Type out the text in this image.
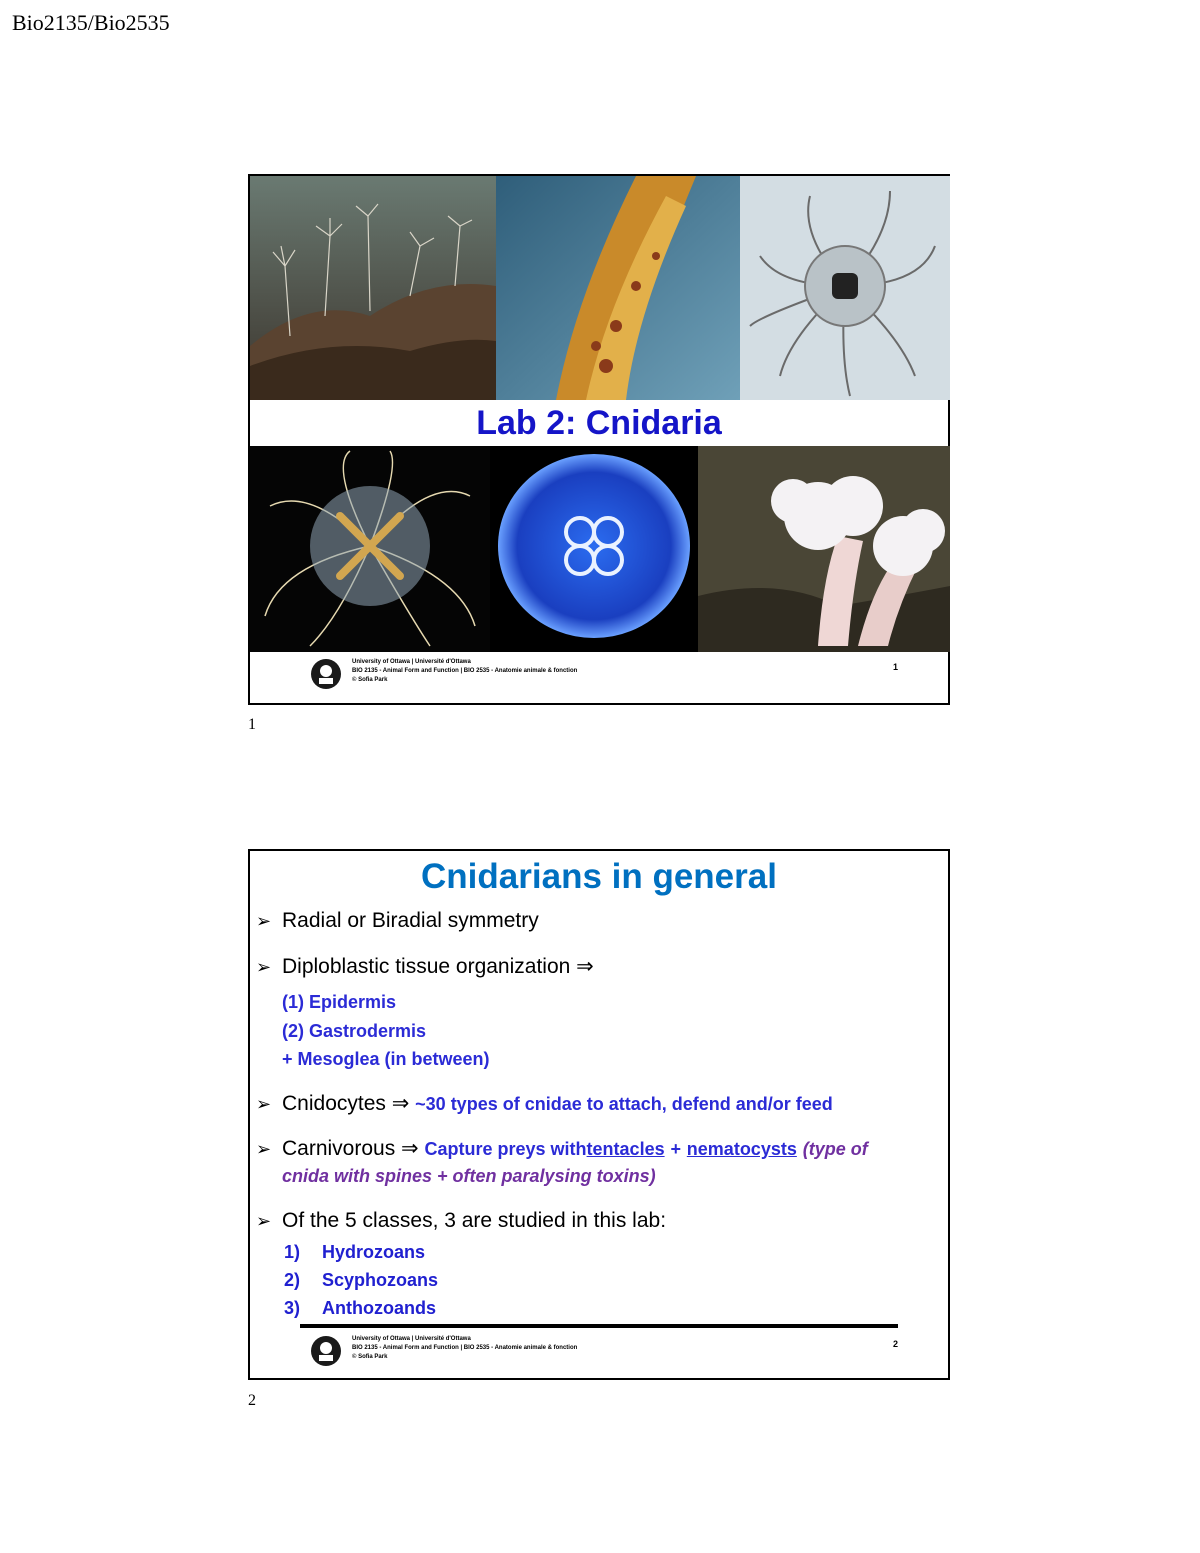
Bio2135/Bio2535
Lab 2: Cnidaria
University of Ottawa | Université d'Ottawa
BIO 2135 - Animal Form and Function | BIO 2535 - Anatomie animale & fonction
© Sofia Park
1
1
Cnidarians in general
➢ Radial or Biradial symmetry
➢ Diploblastic tissue organization ⇒
(1) Epidermis
(2) Gastrodermis
+ Mesoglea (in between)
➢ Cnidocytes ⇒ ~30 types of cnidae to attach, defend and/or feed
➢ Carnivorous ⇒ Capture preys withtentacles + nematocysts (type of
cnida with spines + often paralysing toxins)
➢ Of the 5 classes, 3 are studied in this lab:
1) Hydrozoans
2) Scyphozoans
3) Anthozoands
University of Ottawa | Université d'Ottawa
BIO 2135 - Animal Form and Function | BIO 2535 - Anatomie animale & fonction
© Sofia Park
2
2
